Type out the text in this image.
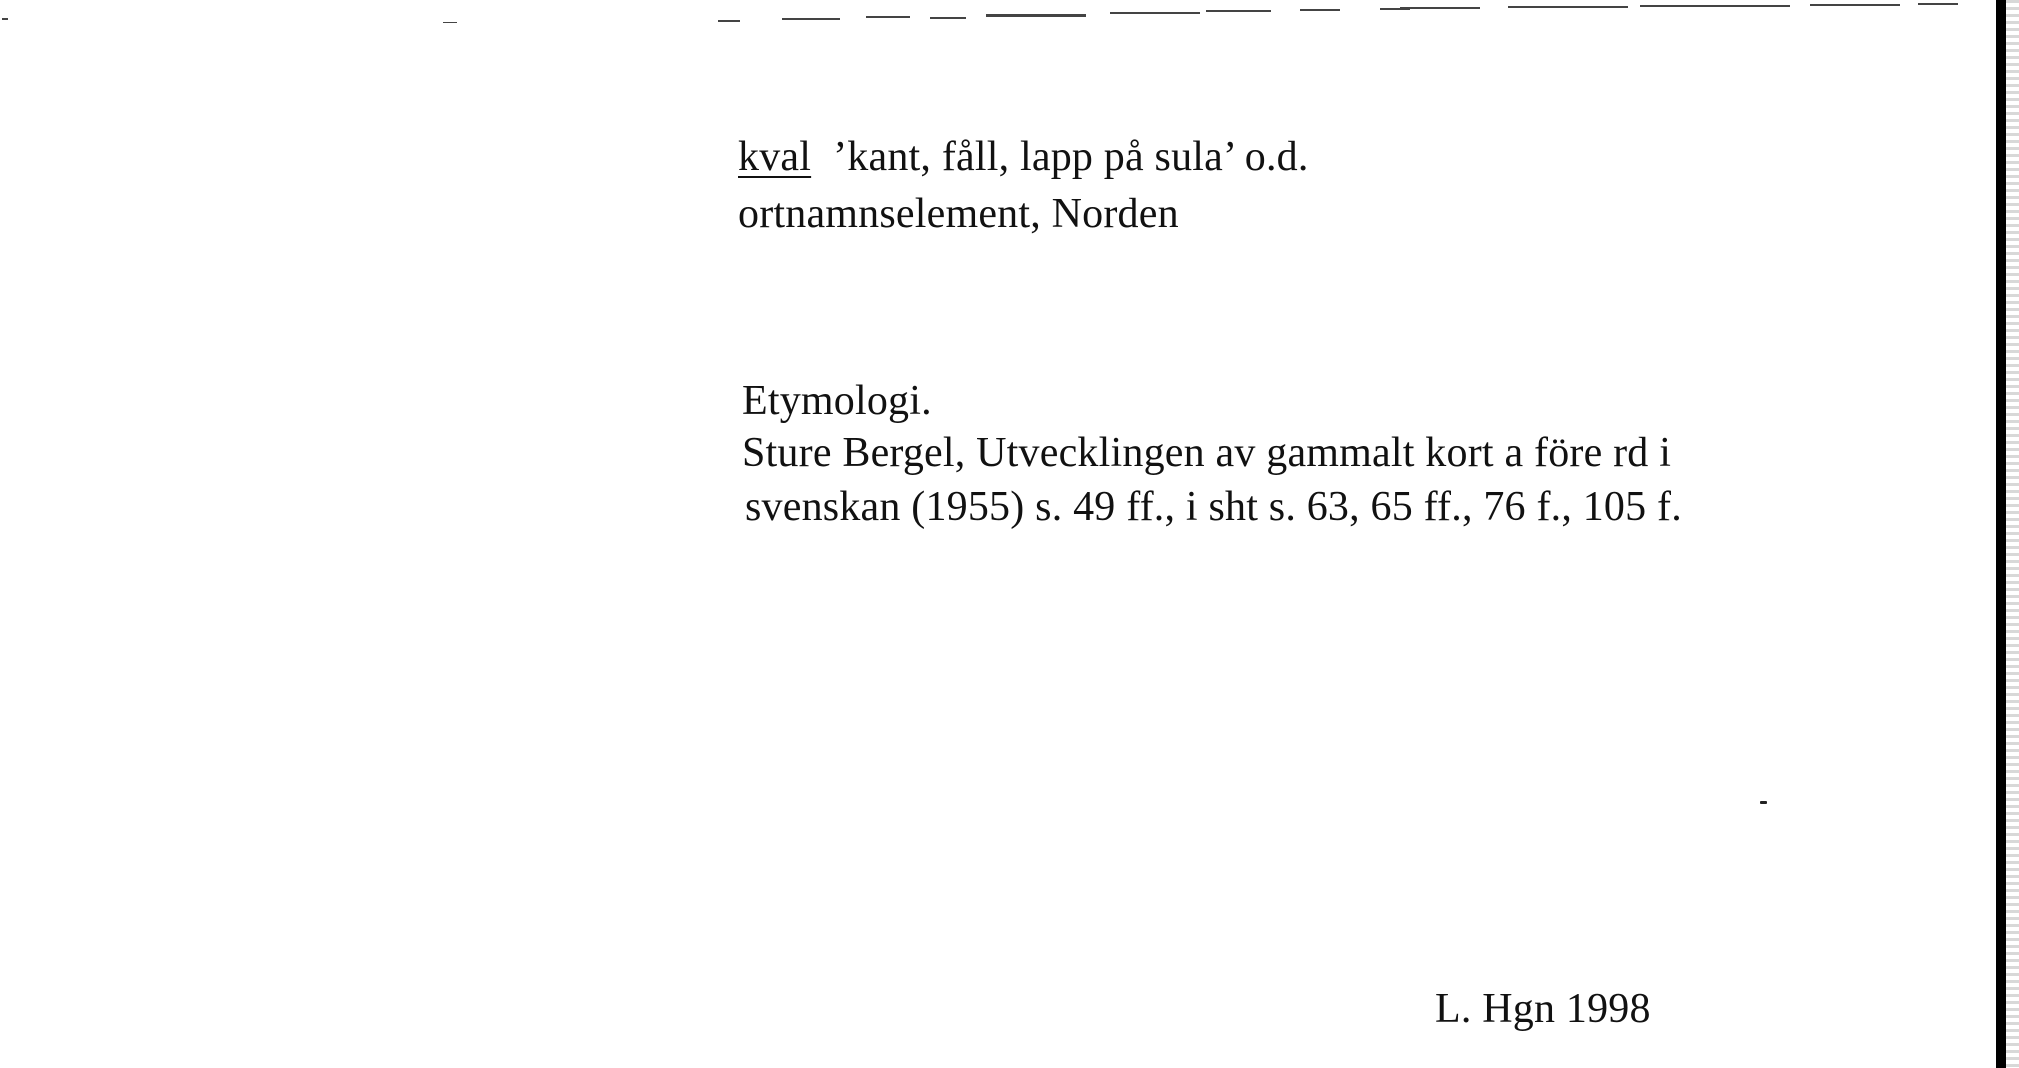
kval ’kant, fåll, lapp på sula’ o.d.
ortnamnselement, Norden
Etymologi.
Sture Bergel, Utvecklingen av gammalt kort a före rd i
svenskan (1955) s. 49 ff., i sht s. 63, 65 ff., 76 f., 105 f.
L. Hgn 1998
